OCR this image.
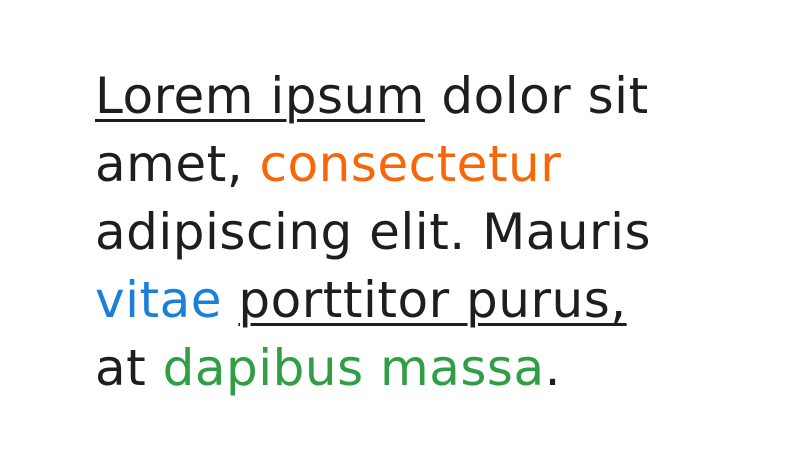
Lorem ipsum dolor sit
amet, consectetur
adipiscing elit. Mauris
vitae porttitor purus,
at dapibus massa.
